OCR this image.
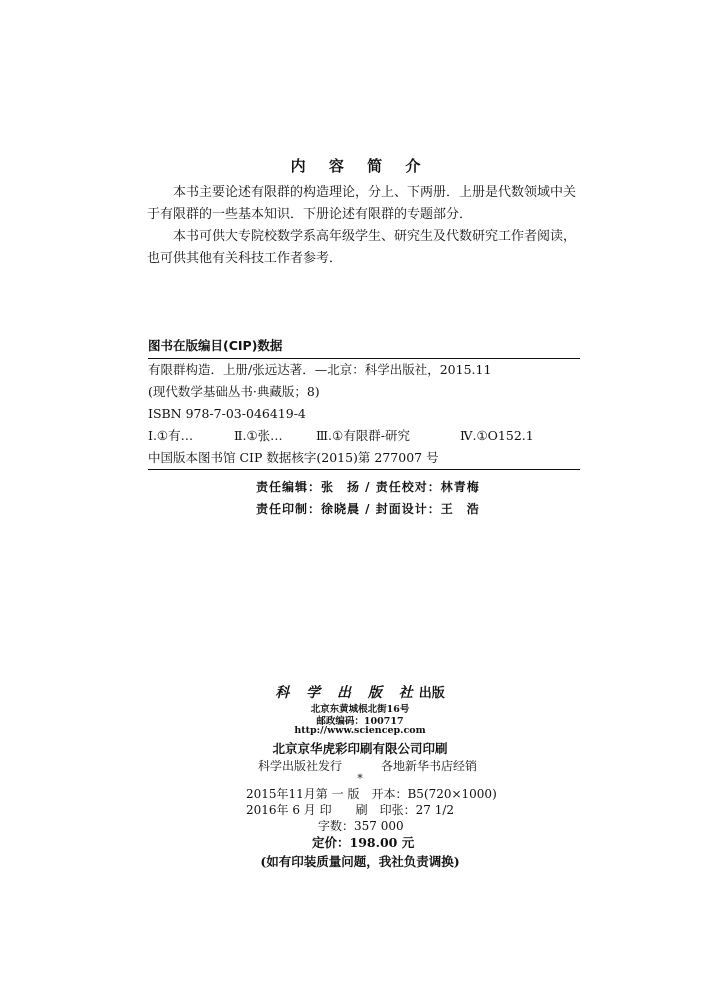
内 容 简 介

本书主要论述有限群的构造理论，分上、下两册．上册是代数领域中关于有限群的一些基本知识．下册论述有限群的专题部分．

本书可供大专院校数学系高年级学生、研究生及代数研究工作者阅读，也可供其他有关科技工作者参考．

图书在版编目(CIP)数据
有限群构造．上册/张远达著．—北京：科学出版社，2015.11
(现代数学基础丛书·典藏版；8)
ISBN 978-7-03-046419-4
Ⅰ.①有…	Ⅱ.①张…	Ⅲ.①有限群-研究	Ⅳ.①O152.1
中国版本图书馆 CIP 数据核字(2015)第 277007 号
责任编辑：张　扬 / 责任校对：林青梅
责任印制：徐晓晨 / 封面设计：王　浩
科 学 出 版 社出版
北京东黄城根北街16号
邮政编码：100717
http://www.sciencep.com
北京京华虎彩印刷有限公司印刷
科学出版社发行	各地新华书店经销
*
2015年11月第 一 版　开本：B5(720×1000)
2016年 6 月 印　　刷　印张：27 1/2
字数：357 000
定价：198.00 元
(如有印装质量问题，我社负责调换)
